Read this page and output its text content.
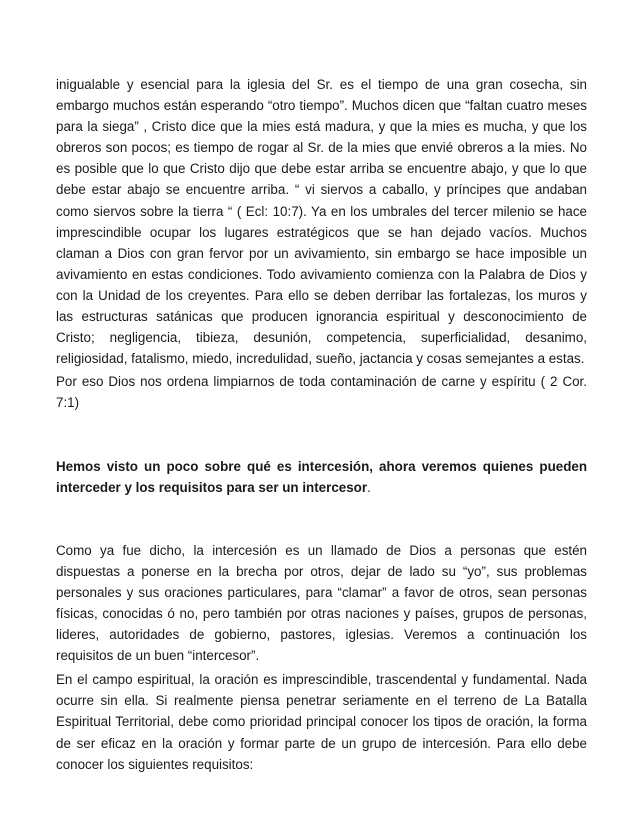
inigualable y esencial para la iglesia del Sr. es el tiempo de una gran cosecha, sin embargo muchos están esperando “otro tiempo”. Muchos dicen que “faltan cuatro meses para la siega” , Cristo dice que la mies está madura, y que la mies es mucha, y que los obreros son pocos; es tiempo de rogar al Sr. de la mies que envié obreros a la mies. No es posible que lo que Cristo dijo que debe estar arriba se encuentre abajo, y que lo que debe estar abajo se encuentre arriba. “ vi siervos a caballo, y príncipes que andaban como siervos sobre la tierra “ ( Ecl: 10:7). Ya en los umbrales del tercer milenio se hace imprescindible ocupar los lugares estratégicos que se han dejado vacíos. Muchos claman a Dios con gran fervor por un avivamiento, sin embargo se hace imposible un avivamiento en estas condiciones. Todo avivamiento comienza con la Palabra de Dios y con la Unidad de los creyentes. Para ello se deben derribar las fortalezas, los muros y las estructuras satánicas que producen ignorancia espiritual y desconocimiento de Cristo; negligencia, tibieza, desunión, competencia, superficialidad, desanimo, religiosidad, fatalismo, miedo, incredulidad, sueño, jactancia y cosas semejantes a estas.

Por eso Dios nos ordena limpiarnos de toda contaminación de carne y espíritu ( 2 Cor. 7:1)

Hemos visto un poco sobre qué es intercesión, ahora veremos quienes pueden interceder y los requisitos para ser un intercesor.

Como ya fue dicho, la intercesión es un llamado de Dios a personas que estén dispuestas a ponerse en la brecha por otros, dejar de lado su “yo”, sus problemas personales y sus oraciones particulares, para “clamar” a favor de otros, sean personas físicas, conocidas ó no, pero también por otras naciones y países, grupos de personas, lideres, autoridades de gobierno, pastores, iglesias. Veremos a continuación los requisitos de un buen “intercesor”.

En el campo espiritual, la oración es imprescindible, trascendental y fundamental. Nada ocurre sin ella. Si realmente piensa penetrar seriamente en el terreno de La Batalla Espiritual Territorial, debe como prioridad principal conocer los tipos de oración, la forma de ser eficaz en la oración y formar parte de un grupo de intercesión. Para ello debe conocer los siguientes requisitos:
